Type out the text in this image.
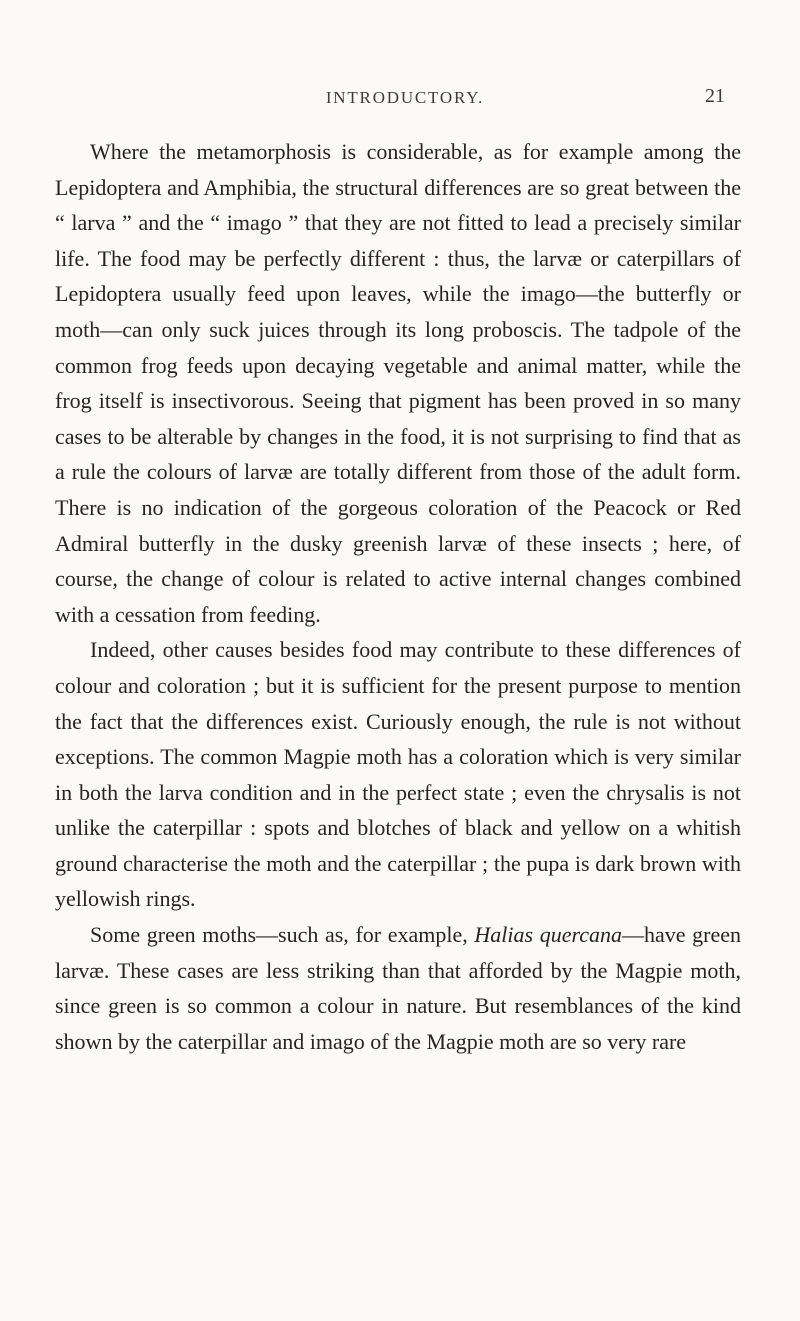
INTRODUCTORY.	21

Where the metamorphosis is considerable, as for example among the Lepidoptera and Amphibia, the structural differences are so great between the “ larva ” and the “ imago ” that they are not fitted to lead a precisely similar life. The food may be perfectly different : thus, the larvæ or caterpillars of Lepidoptera usually feed upon leaves, while the imago—the butterfly or moth—can only suck juices through its long proboscis. The tadpole of the common frog feeds upon decaying vegetable and animal matter, while the frog itself is insectivorous. Seeing that pigment has been proved in so many cases to be alterable by changes in the food, it is not surprising to find that as a rule the colours of larvæ are totally different from those of the adult form. There is no indication of the gorgeous coloration of the Peacock or Red Admiral butterfly in the dusky greenish larvæ of these insects ; here, of course, the change of colour is related to active internal changes combined with a cessation from feeding.

Indeed, other causes besides food may contribute to these differences of colour and coloration ; but it is sufficient for the present purpose to mention the fact that the differences exist. Curiously enough, the rule is not without exceptions. The common Magpie moth has a coloration which is very similar in both the larva condition and in the perfect state ; even the chrysalis is not unlike the caterpillar : spots and blotches of black and yellow on a whitish ground characterise the moth and the caterpillar ; the pupa is dark brown with yellowish rings.

Some green moths—such as, for example, Halias quercana—have green larvæ. These cases are less striking than that afforded by the Magpie moth, since green is so common a colour in nature. But resemblances of the kind shown by the caterpillar and imago of the Magpie moth are so very rare
